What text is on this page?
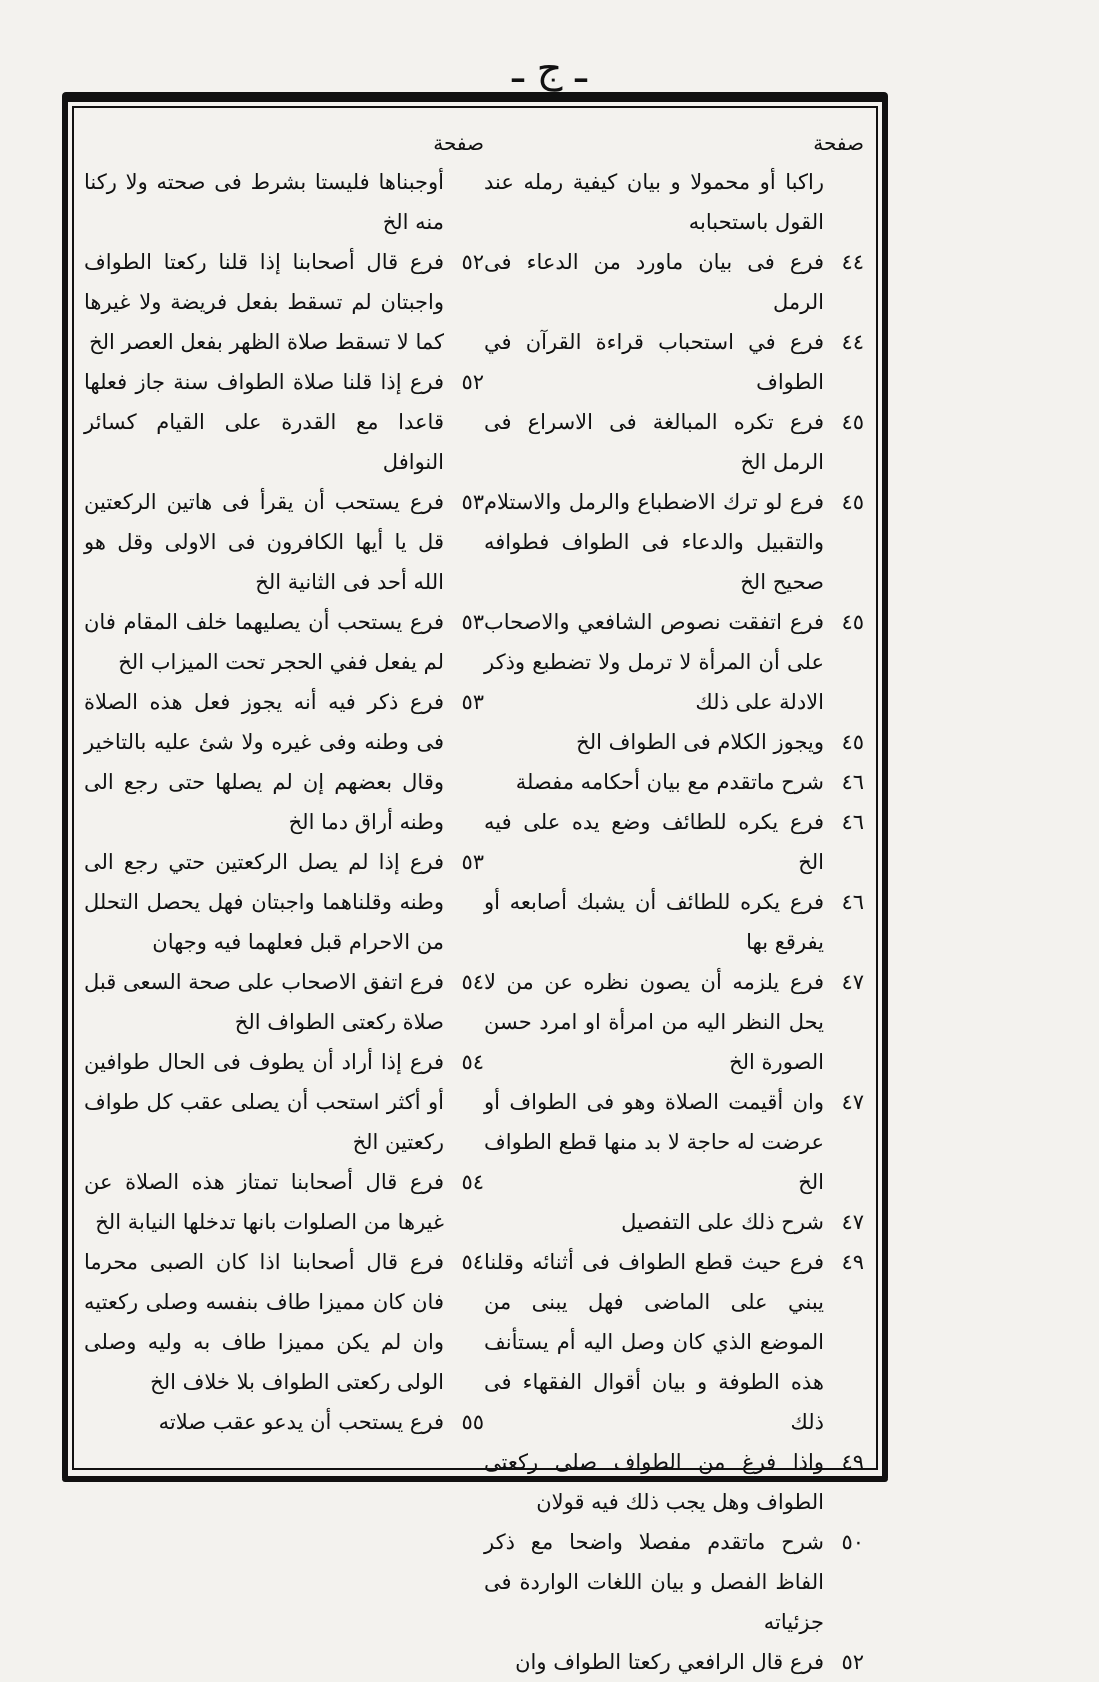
ـ ج ـ
صفحة
راكبا أو محمولا و بيان كيفية رمله عند القول باستحبابه
٤٤
فرع فى بيان ماورد من الدعاء فى الرمل
٤٤
فرع في استحباب قراءة القرآن في الطواف
٤٥
فرع تكره المبالغة فى الاسراع فى الرمل الخ
٤٥
فرع لو ترك الاضطباع والرمل والاستلام والتقبيل والدعاء فى الطواف فطوافه صحيح الخ
٤٥
فرع اتفقت نصوص الشافعي والاصحاب على أن المرأة لا ترمل ولا تضطبع وذكر الادلة على ذلك
٤٥
ويجوز الكلام فى الطواف الخ
٤٦
شرح ماتقدم مع بيان أحكامه مفصلة
٤٦
فرع يكره للطائف وضع يده على فيه الخ
٤٦
فرع يكره للطائف أن يشبك أصابعه أو يفرقع بها
٤٧
فرع يلزمه أن يصون نظره عن من لا يحل النظر اليه من امرأة او امرد حسن الصورة الخ
٤٧
وان أقيمت الصلاة وهو فى الطواف أو عرضت له حاجة لا بد منها قطع الطواف الخ
٤٧
شرح ذلك على التفصيل
٤٩
فرع حيث قطع الطواف فى أثنائه وقلنا يبني على الماضى فهل يبنى من الموضع الذي كان وصل اليه أم يستأنف هذه الطوفة و بيان أقوال الفقهاء فى ذلك
٤٩
واذا فرغ من الطواف صلى ركعتى الطواف وهل يجب ذلك فيه قولان
٥٠
شرح ماتقدم مفصلا واضحا مع ذكر الفاظ الفصل و بيان اللغات الواردة فى جزئياته
٥٢
فرع قال الرافعي ركعتا الطواف وان
صفحة
أوجبناها فليستا بشرط فى صحته ولا ركنا منه الخ
٥٢
فرع قال أصحابنا إذا قلنا ركعتا الطواف واجبتان لم تسقط بفعل فريضة ولا غيرها كما لا تسقط صلاة الظهر بفعل العصر الخ
٥٢
فرع إذا قلنا صلاة الطواف سنة جاز فعلها قاعدا مع القدرة على القيام كسائر النوافل
٥٣
فرع يستحب أن يقرأ فى هاتين الركعتين قل يا أيها الكافرون فى الاولى وقل هو الله أحد فى الثانية الخ
٥٣
فرع يستحب أن يصليهما خلف المقام فان لم يفعل ففي الحجر تحت الميزاب الخ
٥٣
فرع ذكر فيه أنه يجوز فعل هذه الصلاة فى وطنه وفى غيره ولا شئ عليه بالتاخير وقال بعضهم إن لم يصلها حتى رجع الى وطنه أراق دما الخ
٥٣
فرع إذا لم يصل الركعتين حتي رجع الى وطنه وقلناهما واجبتان فهل يحصل التحلل من الاحرام قبل فعلهما فيه وجهان
٥٤
فرع اتفق الاصحاب على صحة السعى قبل صلاة ركعتى الطواف الخ
٥٤
فرع إذا أراد أن يطوف فى الحال طوافين أو أكثر استحب أن يصلى عقب كل طواف ركعتين الخ
٥٤
فرع قال أصحابنا تمتاز هذه الصلاة عن غيرها من الصلوات بانها تدخلها النيابة الخ
٥٤
فرع قال أصحابنا اذا كان الصبى محرما فان كان مميزا طاف بنفسه وصلى ركعتيه وان لم يكن مميزا طاف به وليه وصلى الولى ركعتى الطواف بلا خلاف الخ
٥٥
فرع يستحب أن يدعو عقب صلاته
